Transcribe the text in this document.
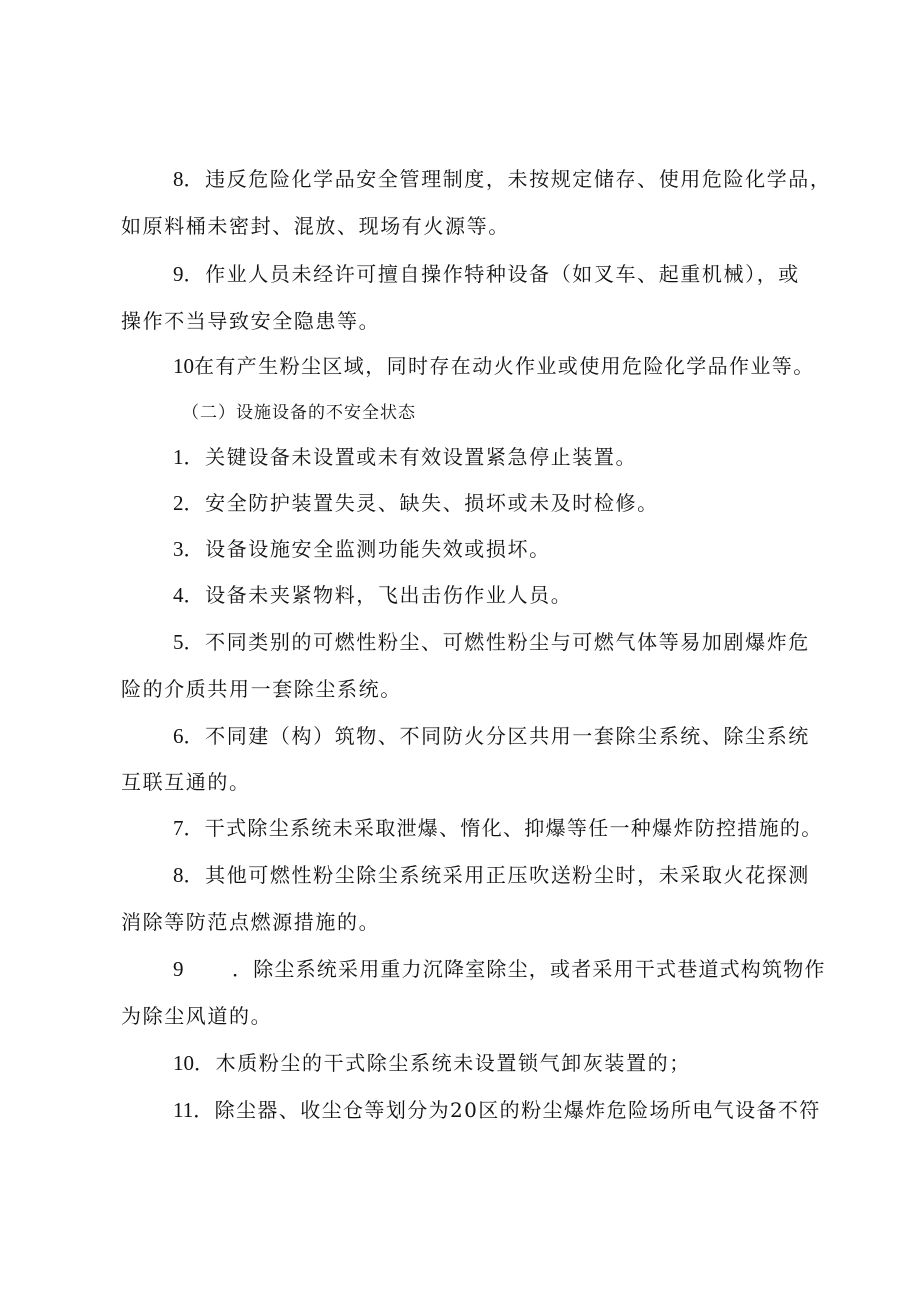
8．违反危险化学品安全管理制度，未按规定储存、使用危险化学品，
如原料桶未密封、混放、现场有火源等。
9．作业人员未经许可擅自操作特种设备（如叉车、起重机械），或
操作不当导致安全隐患等。
10在有产生粉尘区域，同时存在动火作业或使用危险化学品作业等。
（二）设施设备的不安全状态
1．关键设备未设置或未有效设置紧急停止装置。
2．安全防护装置失灵、缺失、损坏或未及时检修。
3．设备设施安全监测功能失效或损坏。
4．设备未夹紧物料，飞出击伤作业人员。
5．不同类别的可燃性粉尘、可燃性粉尘与可燃气体等易加剧爆炸危
险的介质共用一套除尘系统。
6．不同建（构）筑物、不同防火分区共用一套除尘系统、除尘系统
互联互通的。
7．干式除尘系统未采取泄爆、惰化、抑爆等任一种爆炸防控措施的。
8．其他可燃性粉尘除尘系统采用正压吹送粉尘时，未采取火花探测
消除等防范点燃源措施的。
9 ．除尘系统采用重力沉降室除尘，或者采用干式巷道式构筑物作
为除尘风道的。
10．木质粉尘的干式除尘系统未设置锁气卸灰装置的；
11．除尘器、收尘仓等划分为20区的粉尘爆炸危险场所电气设备不符
